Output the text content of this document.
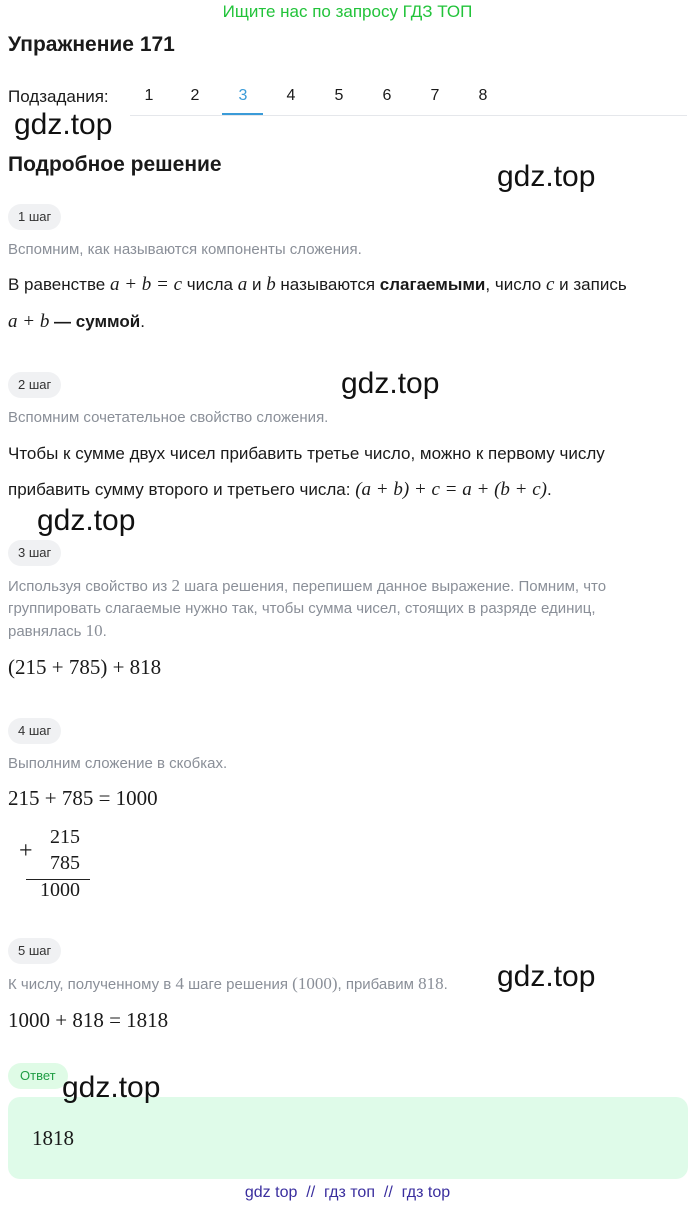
Ищите нас по запросу ГДЗ ТОП
Упражнение 171
Подзадания:	1	2	3	4	5	6	7	8
gdz.top
Подробное решение	gdz.top
1 шаг
Вспомним, как называются компоненты сложения.
В равенстве a + b = c числа a и b называются слагаемыми, число c и запись
a + b — суммой.
2 шаг	gdz.top
Вспомним сочетательное свойство сложения.
Чтобы к сумме двух чисел прибавить третье число, можно к первому числу
прибавить сумму второго и третьего числа: (a + b) + c = a + (b + c).
gdz.top
3 шаг
Используя свойство из 2 шага решения, перепишем данное выражение. Помним, что
группировать слагаемые нужно так, чтобы сумма чисел, стоящих в разряде единиц,
равнялась 10.
(215 + 785) + 818
4 шаг
Выполним сложение в скобках.
215 + 785 = 1000
+
215
785
1000
5 шаг
К числу, полученному в 4 шаге решения (1000), прибавим 818. gdz.top
1000 + 818 = 1818
Ответ gdz.top
1818
gdz top  //  гдз топ  //  гдз top
